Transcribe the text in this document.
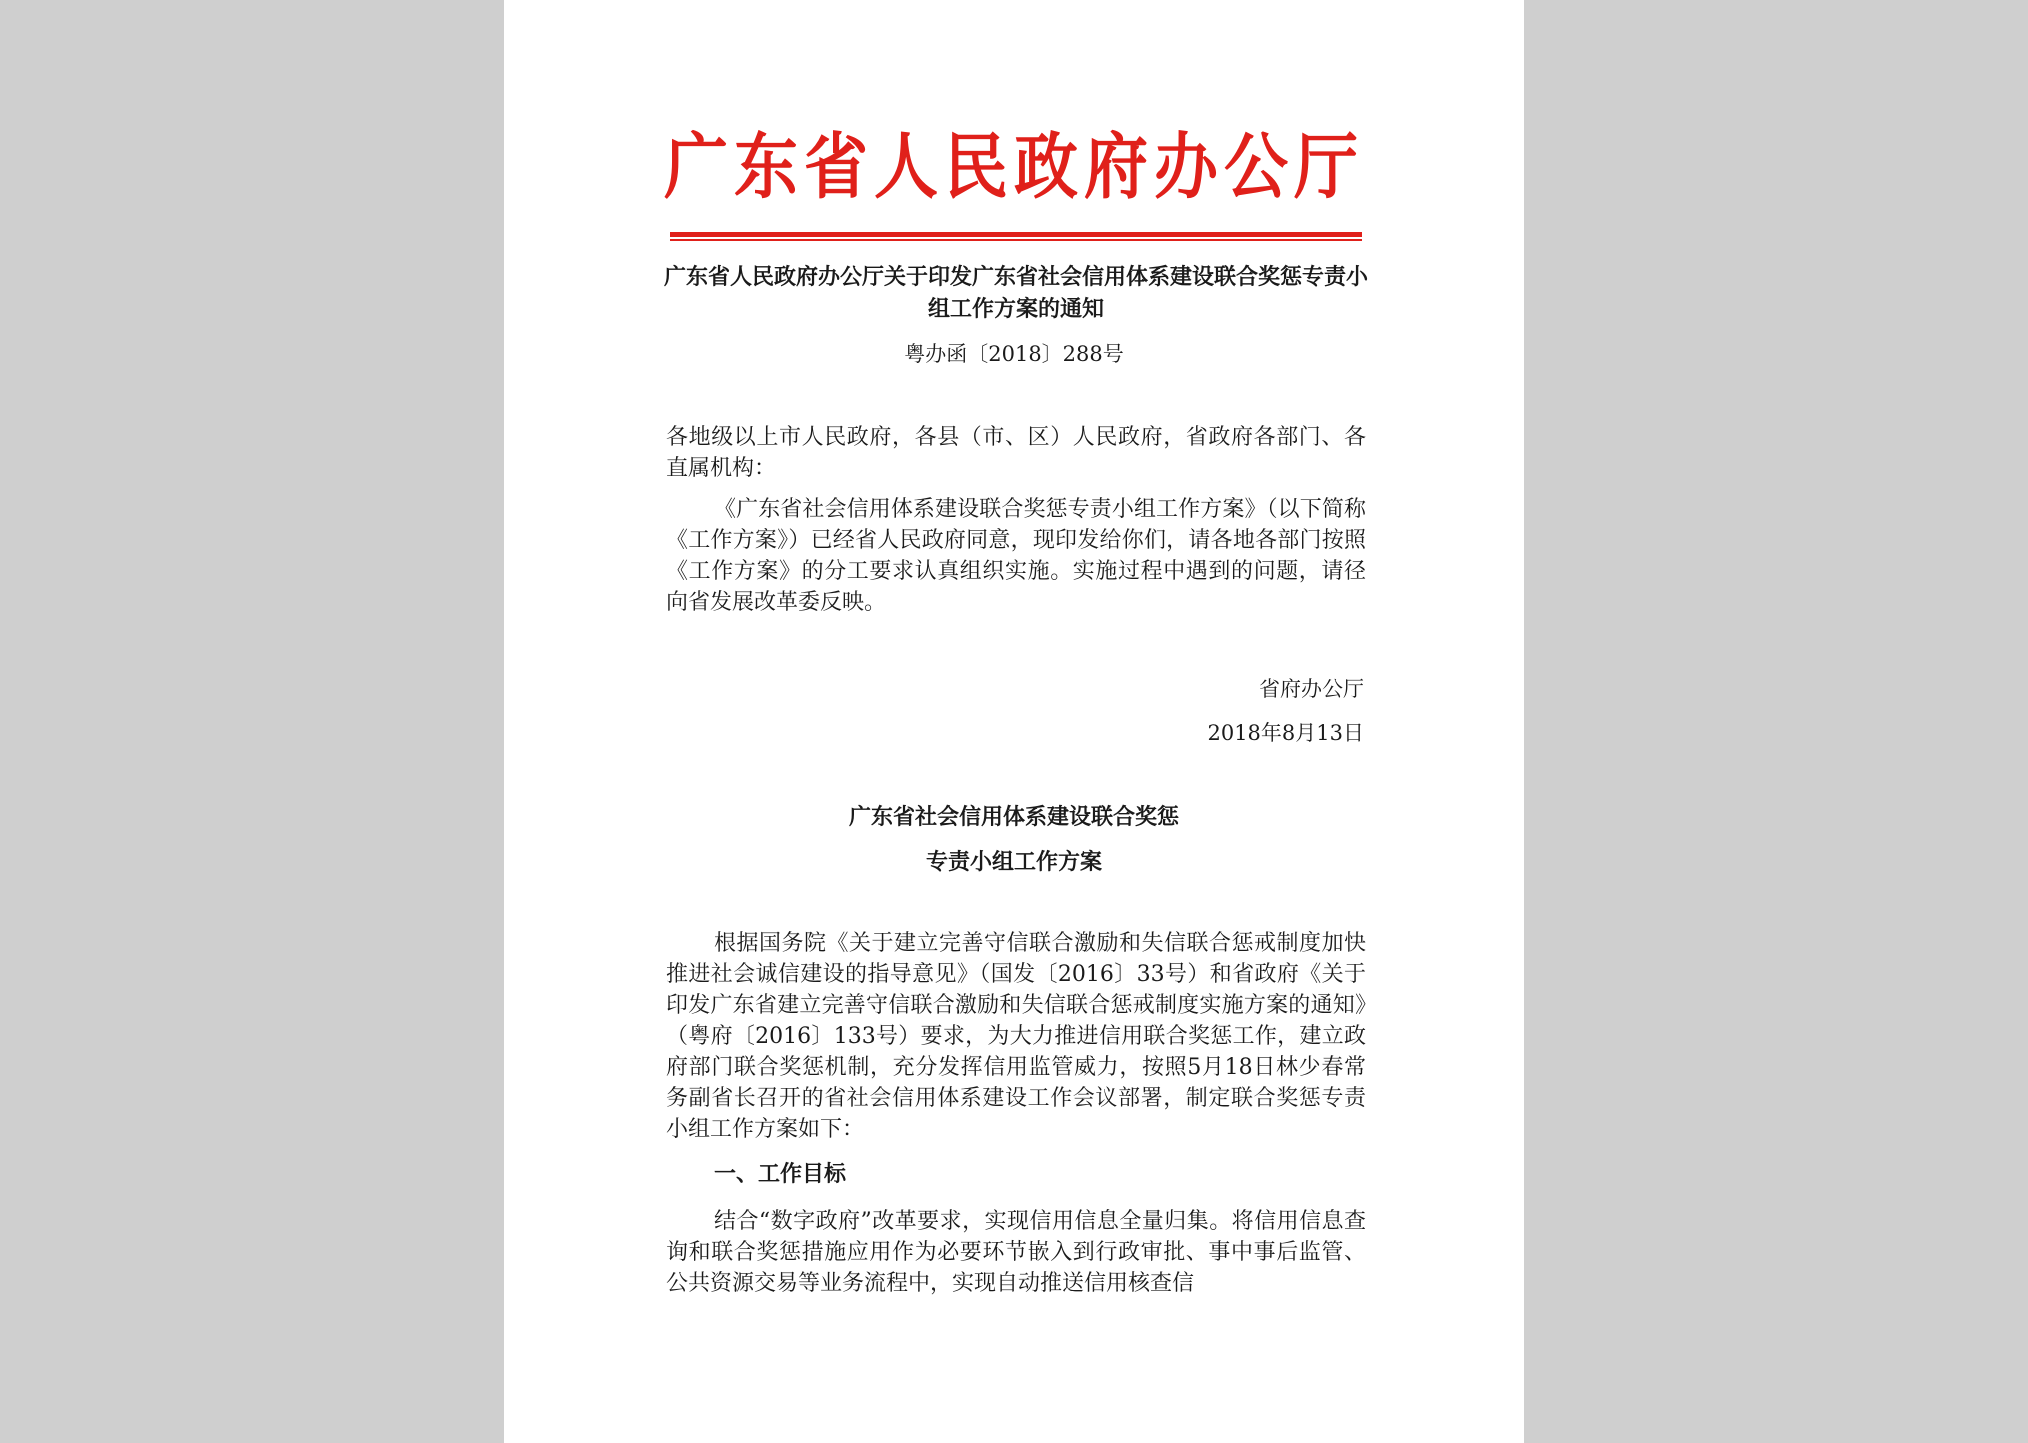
广东省人民政府办公厅
广东省人民政府办公厅关于印发广东省社会信用体系建设联合奖惩专责小组工作方案的通知
粤办函〔2018〕288号

各地级以上市人民政府，各县（市、区）人民政府，省政府各部门、各直属机构：

《广东省社会信用体系建设联合奖惩专责小组工作方案》（以下简称《工作方案》）已经省人民政府同意，现印发给你们，请各地各部门按照《工作方案》的分工要求认真组织实施。实施过程中遇到的问题，请径向省发展改革委反映。

省府办公厅
2018年8月13日
广东省社会信用体系建设联合奖惩
专责小组工作方案

根据国务院《关于建立完善守信联合激励和失信联合惩戒制度加快推进社会诚信建设的指导意见》（国发〔2016〕33号）和省政府《关于印发广东省建立完善守信联合激励和失信联合惩戒制度实施方案的通知》（粤府〔2016〕133号）要求，为大力推进信用联合奖惩工作，建立政府部门联合奖惩机制，充分发挥信用监管威力，按照5月18日林少春常务副省长召开的省社会信用体系建设工作会议部署，制定联合奖惩专责小组工作方案如下：

一、工作目标

结合“数字政府”改革要求，实现信用信息全量归集。将信用信息查询和联合奖惩措施应用作为必要环节嵌入到行政审批、事中事后监管、公共资源交易等业务流程中，实现自动推送信用核查信
